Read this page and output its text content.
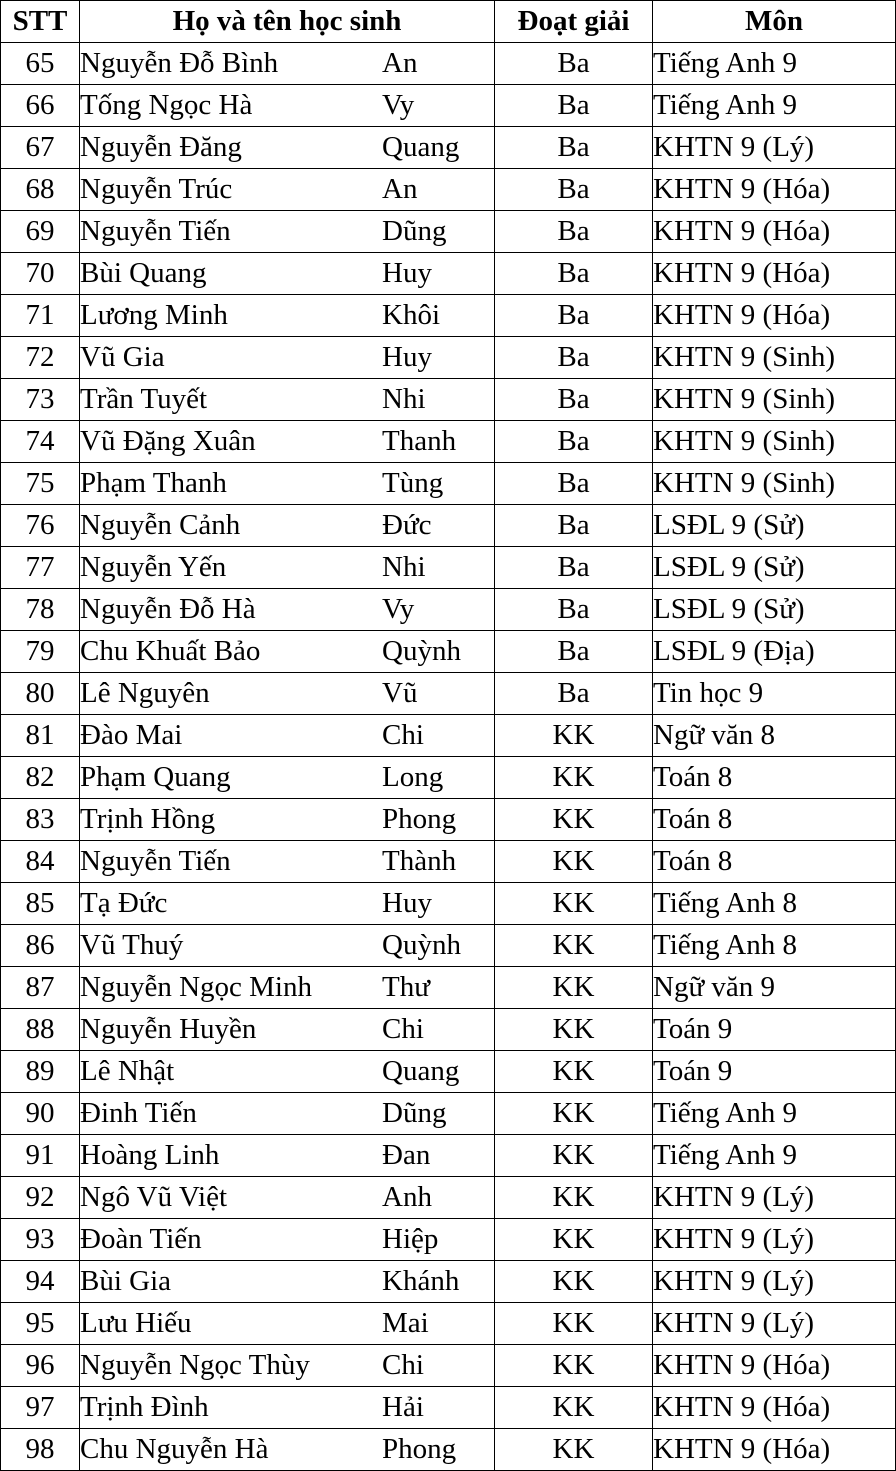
STT	Họ và tên học sinh	Đoạt giải	Môn
65	Nguyễn Đỗ Bình An	Ba	Tiếng Anh 9
66	Tống Ngọc Hà Vy	Ba	Tiếng Anh 9
67	Nguyễn Đăng Quang	Ba	KHTN 9 (Lý)
68	Nguyễn Trúc An	Ba	KHTN 9 (Hóa)
69	Nguyễn Tiến Dũng	Ba	KHTN 9 (Hóa)
70	Bùi Quang Huy	Ba	KHTN 9 (Hóa)
71	Lương Minh Khôi	Ba	KHTN 9 (Hóa)
72	Vũ Gia Huy	Ba	KHTN 9 (Sinh)
73	Trần Tuyết Nhi	Ba	KHTN 9 (Sinh)
74	Vũ Đặng Xuân Thanh	Ba	KHTN 9 (Sinh)
75	Phạm Thanh Tùng	Ba	KHTN 9 (Sinh)
76	Nguyễn Cảnh Đức	Ba	LSĐL 9 (Sử)
77	Nguyễn Yến Nhi	Ba	LSĐL 9 (Sử)
78	Nguyễn Đỗ Hà Vy	Ba	LSĐL 9 (Sử)
79	Chu Khuất Bảo Quỳnh	Ba	LSĐL 9 (Địa)
80	Lê Nguyên Vũ	Ba	Tin học 9
81	Đào Mai Chi	KK	Ngữ văn 8
82	Phạm Quang Long	KK	Toán 8
83	Trịnh Hồng Phong	KK	Toán 8
84	Nguyễn Tiến Thành	KK	Toán 8
85	Tạ Đức Huy	KK	Tiếng Anh 8
86	Vũ Thuý Quỳnh	KK	Tiếng Anh 8
87	Nguyễn Ngọc Minh Thư	KK	Ngữ văn 9
88	Nguyễn Huyền Chi	KK	Toán 9
89	Lê Nhật Quang	KK	Toán 9
90	Đinh Tiến Dũng	KK	Tiếng Anh 9
91	Hoàng Linh Đan	KK	Tiếng Anh 9
92	Ngô Vũ Việt Anh	KK	KHTN 9 (Lý)
93	Đoàn Tiến Hiệp	KK	KHTN 9 (Lý)
94	Bùi Gia Khánh	KK	KHTN 9 (Lý)
95	Lưu Hiếu Mai	KK	KHTN 9 (Lý)
96	Nguyễn Ngọc Thùy Chi	KK	KHTN 9 (Hóa)
97	Trịnh Đình Hải	KK	KHTN 9 (Hóa)
98	Chu Nguyễn Hà Phong	KK	KHTN 9 (Hóa)
